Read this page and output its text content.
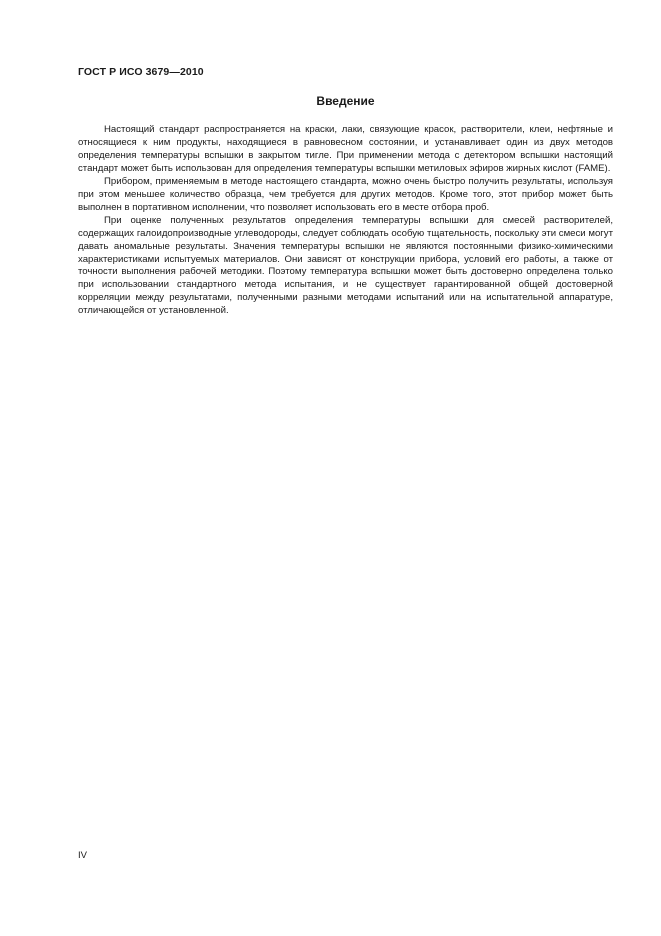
ГОСТ Р ИСО 3679—2010
Введение

Настоящий стандарт распространяется на краски, лаки, связующие красок, растворители, клеи, нефтяные и относящиеся к ним продукты, находящиеся в равновесном состоянии, и устанавливает один из двух методов определения температуры вспышки в закрытом тигле. При применении метода с детектором вспышки настоящий стандарт может быть использован для определения температуры вспышки метиловых эфиров жирных кислот (FAME).

Прибором, применяемым в методе настоящего стандарта, можно очень быстро получить результаты, используя при этом меньшее количество образца, чем требуется для других методов. Кроме того, этот прибор может быть выполнен в портативном исполнении, что позволяет использовать его в месте отбора проб.

При оценке полученных результатов определения температуры вспышки для смесей растворителей, содержащих галоидопроизводные углеводороды, следует соблюдать особую тщательность, поскольку эти смеси могут давать аномальные результаты. Значения температуры вспышки не являются постоянными физико-химическими характеристиками испытуемых материалов. Они зависят от конструкции прибора, условий его работы, а также от точности выполнения рабочей методики. Поэтому температура вспышки может быть достоверно определена только при использовании стандартного метода испытания, и не существует гарантированной общей достоверной корреляции между результатами, полученными разными методами испытаний или на испытательной аппаратуре, отличающейся от установленной.

IV
